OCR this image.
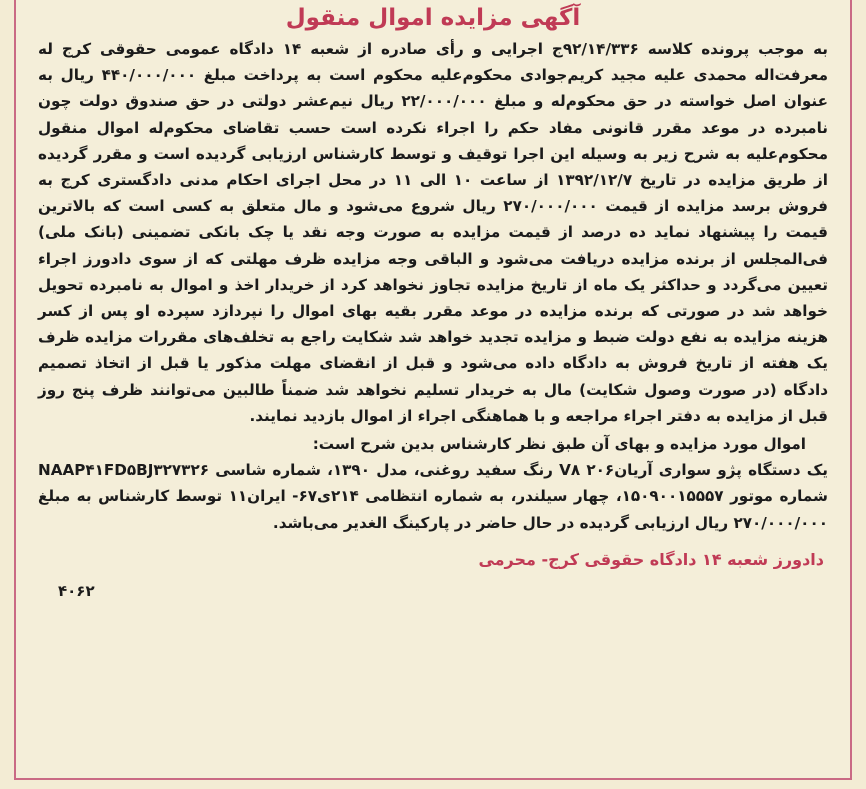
آگهی مزایده اموال منقول

به موجب پرونده کلاسه ۹۲/۱۴/۳۳۶ج اجرایی و رأی صادره از شعبه ۱۴ دادگاه عمومی حقوقی کرج له معرفت‌اله محمدی علیه مجید کریم‌جوادی محکوم‌علیه محکوم است به پرداخت مبلغ ۴۴۰/۰۰۰/۰۰۰ ریال به عنوان اصل خواسته در حق محکوم‌له و مبلغ ۲۲/۰۰۰/۰۰۰ ریال نیم‌عشر دولتی در حق صندوق دولت چون نامبرده در موعد مقرر قانونی مفاد حکم را اجراء نکرده است حسب تقاضای محکوم‌له اموال منقول محکوم‌علیه به شرح زیر به وسیله این اجرا توقیف و توسط کارشناس ارزیابی گردیده است و مقرر گردیده از طریق مزایده در تاریخ ۱۳۹۲/۱۲/۷ از ساعت ۱۰ الی ۱۱ در محل اجرای احکام مدنی دادگستری کرج به فروش برسد مزایده از قیمت ۲۷۰/۰۰۰/۰۰۰ ریال شروع می‌شود و مال متعلق به کسی است که بالاترین قیمت را پیشنهاد نماید ده درصد از قیمت مزایده به صورت وجه نقد یا چک بانکی تضمینی (بانک ملی) فی‌المجلس از برنده مزایده دریافت می‌شود و الباقی وجه مزایده ظرف مهلتی که از سوی دادورز اجراء تعیین می‌گردد و حداکثر یک ماه از تاریخ مزایده تجاوز نخواهد کرد از خریدار اخذ و اموال به نامبرده تحویل خواهد شد در صورتی که برنده مزایده در موعد مقرر بقیه بهای اموال را نپردازد سپرده او پس از کسر هزینه مزایده به نفع دولت ضبط و مزایده تجدید خواهد شد شکایت راجع به تخلف‌های مقررات مزایده ظرف یک هفته از تاریخ فروش به دادگاه داده می‌شود و قبل از انقضای مهلت مذکور یا قبل از اتخاذ تصمیم دادگاه (در صورت وصول شکایت) مال به خریدار تسلیم نخواهد شد ضمناً طالبین می‌توانند ظرف پنج روز قبل از مزایده به دفتر اجراء مراجعه و با هماهنگی اجراء از اموال بازدید نمایند.

اموال مورد مزایده و بهای آن طبق نظر کارشناس بدین شرح است:

یک دستگاه پژو سواری آریان۲۰۶ V۸ رنگ سفید روغنی، مدل ۱۳۹۰، شماره شاسی NAAP۴۱FD۵BJ۳۲۷۳۲۶ شماره موتور ۱۵۰۹۰۰۱۵۵۵۷، چهار سیلندر، به شماره انتظامی ۲۱۴ی۶۷- ایران۱۱ توسط کارشناس به مبلغ ۲۷۰/۰۰۰/۰۰۰ ریال ارزیابی گردیده در حال حاضر در پارکینگ الغدیر می‌باشد.

دادورز شعبه ۱۴ دادگاه حقوقی کرج- محرمی

۴۰۶۲
